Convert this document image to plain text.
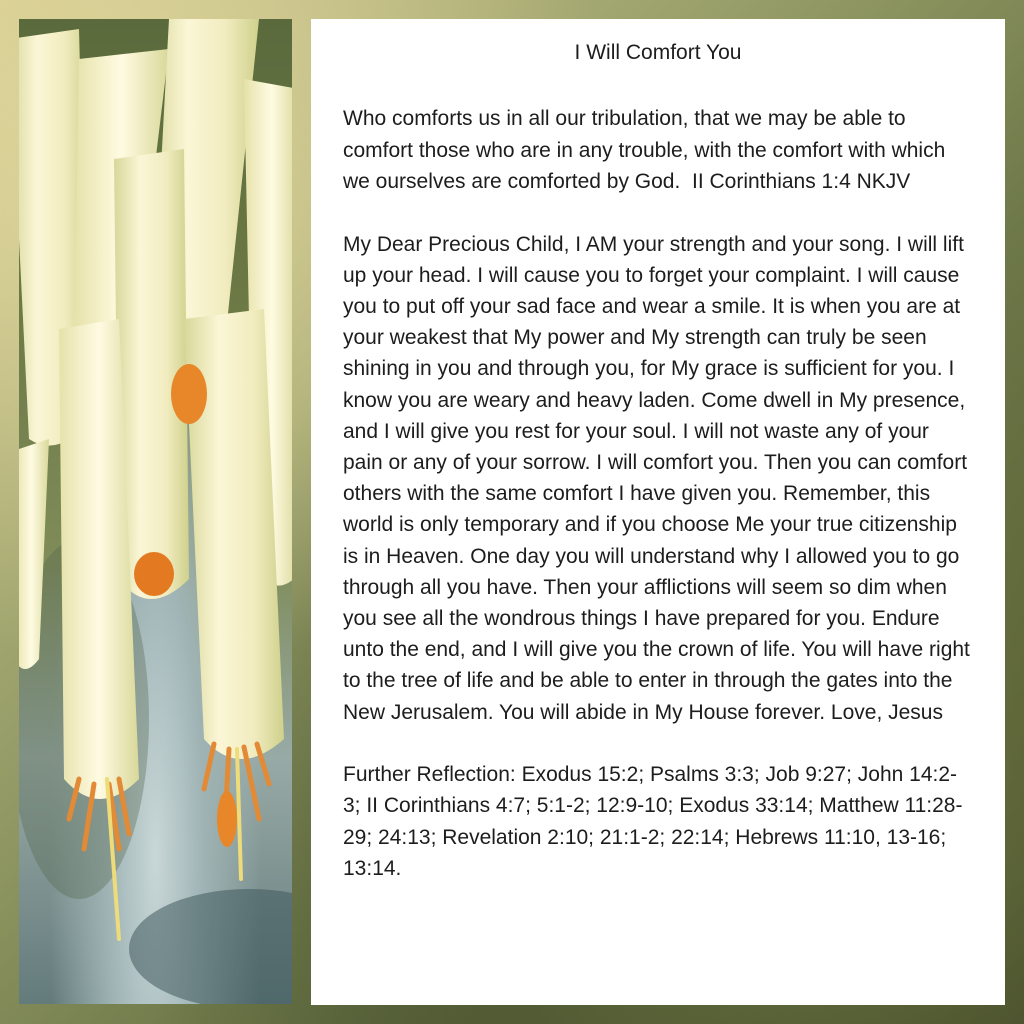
I Will Comfort You

Who comforts us in all our tribulation, that we may be able to comfort those who are in any trouble, with the comfort with which we ourselves are comforted by God.  II Corinthians 1:4 NKJV

My Dear Precious Child, I AM your strength and your song. I will lift up your head. I will cause you to forget your complaint. I will cause you to put off your sad face and wear a smile. It is when you are at your weakest that My power and My strength can truly be seen shining in you and through you, for My grace is sufficient for you. I know you are weary and heavy laden. Come dwell in My presence, and I will give you rest for your soul. I will not waste any of your pain or any of your sorrow. I will comfort you. Then you can comfort others with the same comfort I have given you. Remember, this world is only temporary and if you choose Me your true citizenship is in Heaven. One day you will understand why I allowed you to go through all you have. Then your afflictions will seem so dim when you see all the wondrous things I have prepared for you. Endure unto the end, and I will give you the crown of life. You will have right to the tree of life and be able to enter in through the gates into the New Jerusalem. You will abide in My House forever. Love, Jesus

Further Reflection: Exodus 15:2; Psalms 3:3; Job 9:27; John 14:2-3; II Corinthians 4:7; 5:1-2; 12:9-10; Exodus 33:14; Matthew 11:28-29; 24:13; Revelation 2:10; 21:1-2; 22:14; Hebrews 11:10, 13-16; 13:14.
